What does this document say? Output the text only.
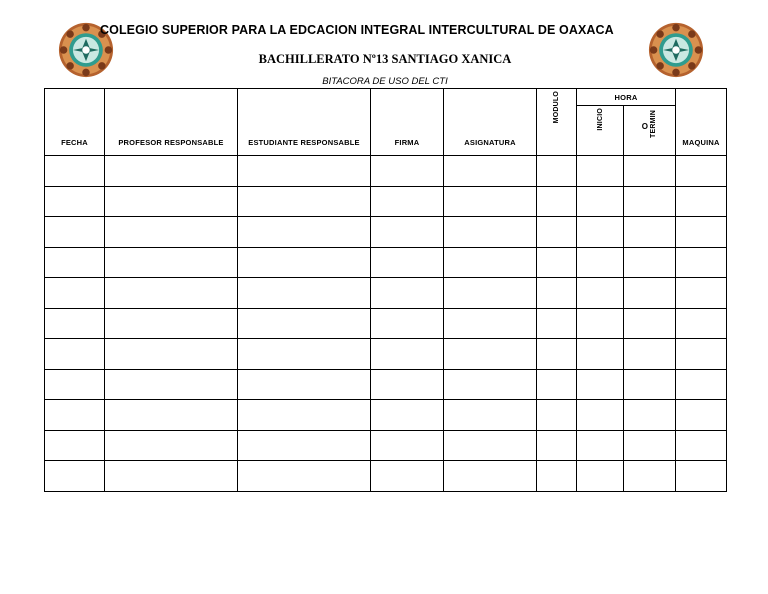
COLEGIO SUPERIOR PARA LA EDCACION INTEGRAL INTERCULTURAL DE OAXACA
BACHILLERATO Nº13 SANTIAGO XANICA
BITACORA DE USO DEL CTI
FECHA	PROFESOR RESPONSABLE	ESTUDIANTE RESPONSABLE	FIRMA	ASIGNATURA	MODULO	HORA		MAQUINA
						INICIO	TERMIN
O	
